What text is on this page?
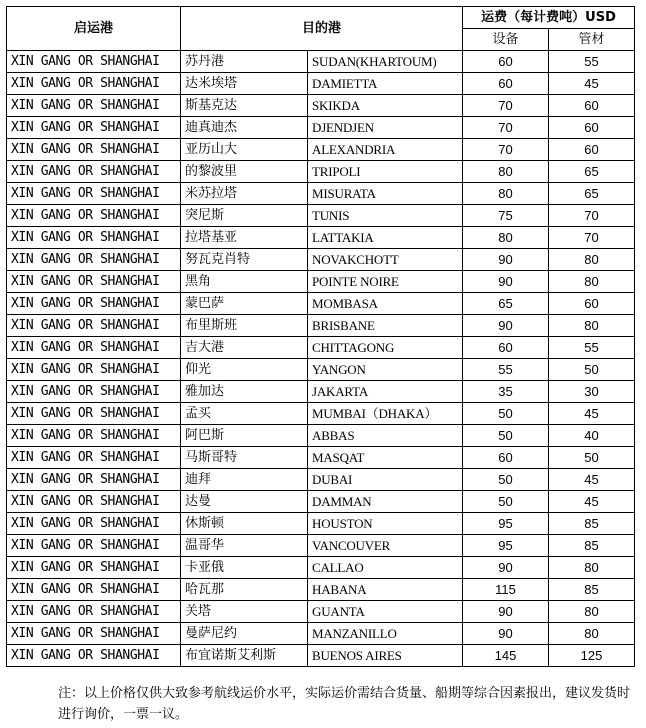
启运港	目的港		运费（每计费吨）USD	
			设备	管材
XIN GANG OR SHANGHAI	苏丹港	SUDAN(KHARTOUM)	60	55
XIN GANG OR SHANGHAI	达米埃塔	DAMIETTA	60	45
XIN GANG OR SHANGHAI	斯基克达	SKIKDA	70	60
XIN GANG OR SHANGHAI	迪真迪杰	DJENDJEN	70	60
XIN GANG OR SHANGHAI	亚历山大	ALEXANDRIA	70	60
XIN GANG OR SHANGHAI	的黎波里	TRIPOLI	80	65
XIN GANG OR SHANGHAI	米苏拉塔	MISURATA	80	65
XIN GANG OR SHANGHAI	突尼斯	TUNIS	75	70
XIN GANG OR SHANGHAI	拉塔基亚	LATTAKIA	80	70
XIN GANG OR SHANGHAI	努瓦克肖特	NOVAKCHOTT	90	80
XIN GANG OR SHANGHAI	黑角	POINTE NOIRE	90	80
XIN GANG OR SHANGHAI	蒙巴萨	MOMBASA	65	60
XIN GANG OR SHANGHAI	布里斯班	BRISBANE	90	80
XIN GANG OR SHANGHAI	吉大港	CHITTAGONG	60	55
XIN GANG OR SHANGHAI	仰光	YANGON	55	50
XIN GANG OR SHANGHAI	雅加达	JAKARTA	35	30
XIN GANG OR SHANGHAI	孟买	MUMBAI（DHAKA）	50	45
XIN GANG OR SHANGHAI	阿巴斯	ABBAS	50	40
XIN GANG OR SHANGHAI	马斯哥特	MASQAT	60	50
XIN GANG OR SHANGHAI	迪拜	DUBAI	50	45
XIN GANG OR SHANGHAI	达曼	DAMMAN	50	45
XIN GANG OR SHANGHAI	休斯顿	HOUSTON	95	85
XIN GANG OR SHANGHAI	温哥华	VANCOUVER	95	85
XIN GANG OR SHANGHAI	卡亚俄	CALLAO	90	80
XIN GANG OR SHANGHAI	哈瓦那	HABANA	115	85
XIN GANG OR SHANGHAI	关塔	GUANTA	90	80
XIN GANG OR SHANGHAI	曼萨尼约	MANZANILLO	90	80
XIN GANG OR SHANGHAI	布宜诺斯艾利斯	BUENOS AIRES	145	125
注：以上价格仅供大致参考航线运价水平，实际运价需结合货量、船期等综合因素报出，建议发货时进行询价，一票一议。
